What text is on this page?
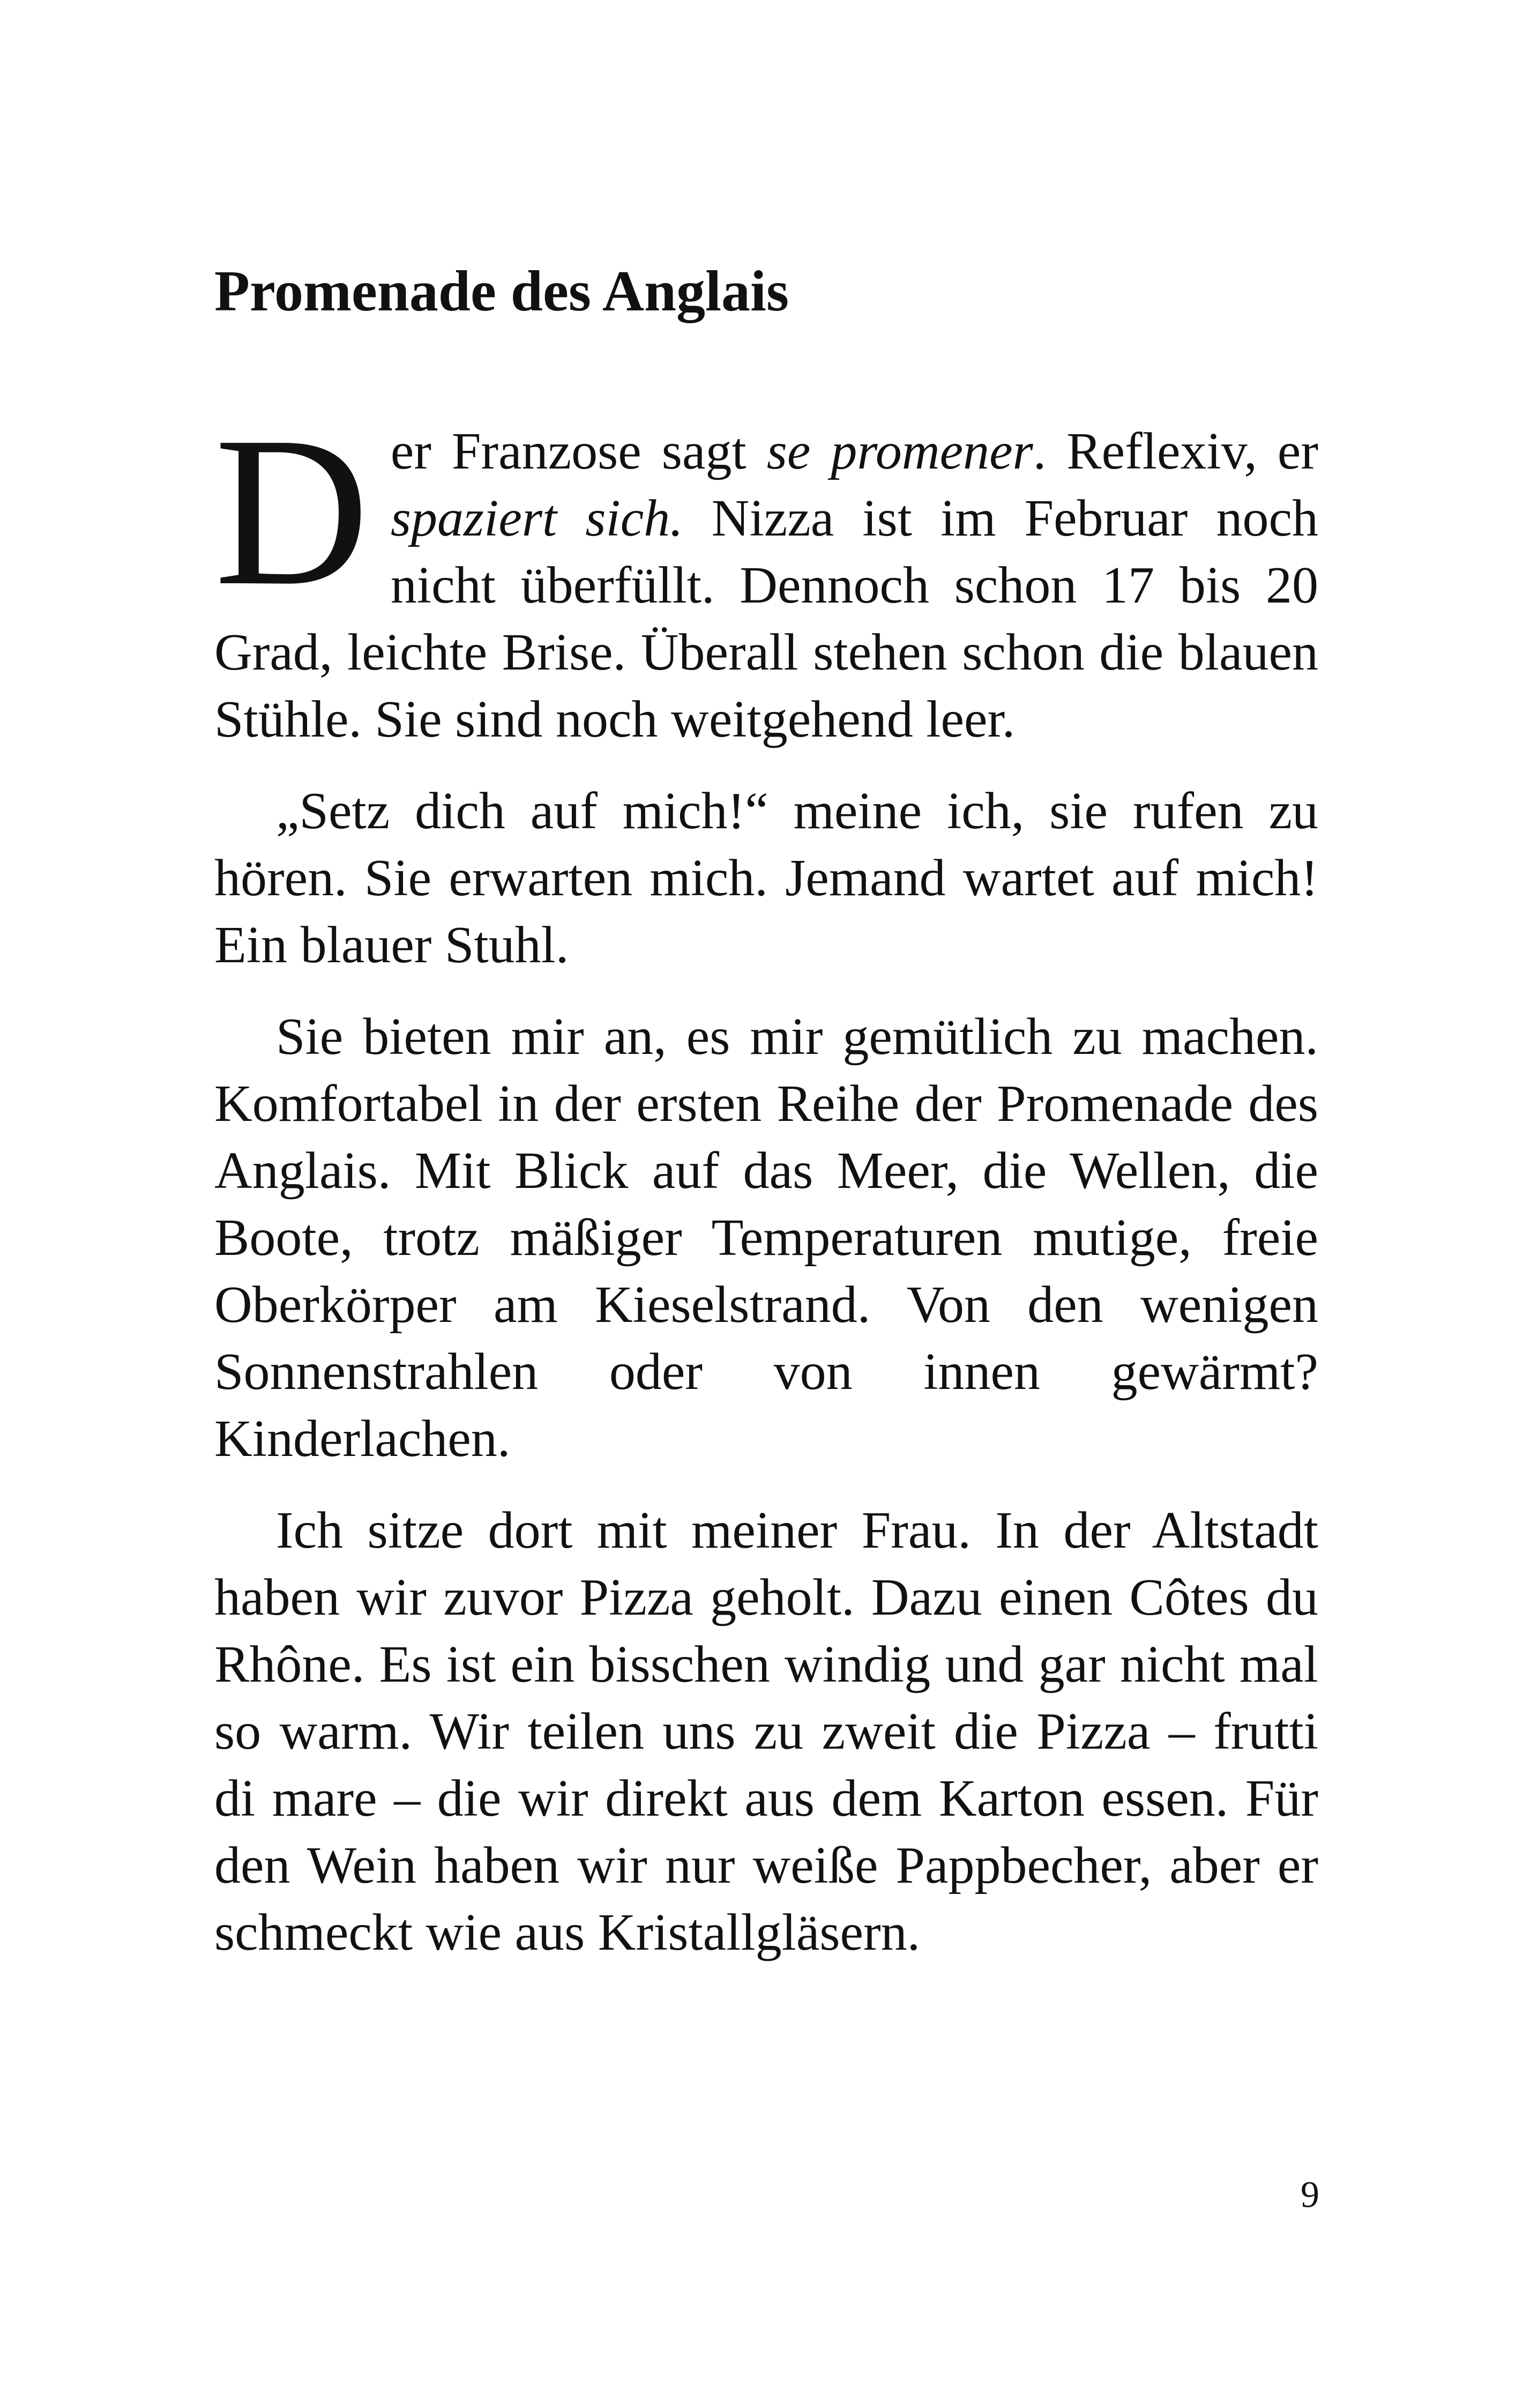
Promenade des Anglais

Der Franzose sagt se promener. Reflexiv, er spaziert sich. Nizza ist im Februar noch nicht überfüllt. Dennoch schon 17 bis 20 Grad, leichte Brise. Überall stehen schon die blauen Stühle. Sie sind noch weitgehend leer.

„Setz dich auf mich!“ meine ich, sie rufen zu hören. Sie erwarten mich. Jemand wartet auf mich! Ein blauer Stuhl.

Sie bieten mir an, es mir gemütlich zu machen. Komfortabel in der ersten Reihe der Promenade des Anglais. Mit Blick auf das Meer, die Wellen, die Boote, trotz mäßiger Temperaturen mutige, freie Oberkörper am Kieselstrand. Von den wenigen Sonnenstrahlen oder von innen gewärmt? Kinderlachen.

Ich sitze dort mit meiner Frau. In der Altstadt haben wir zuvor Pizza geholt. Dazu einen Côtes du Rhône. Es ist ein bisschen windig und gar nicht mal so warm. Wir teilen uns zu zweit die Pizza – frutti di mare – die wir direkt aus dem Karton essen. Für den Wein haben wir nur weiße Pappbecher, aber er schmeckt wie aus Kristallgläsern.

9
